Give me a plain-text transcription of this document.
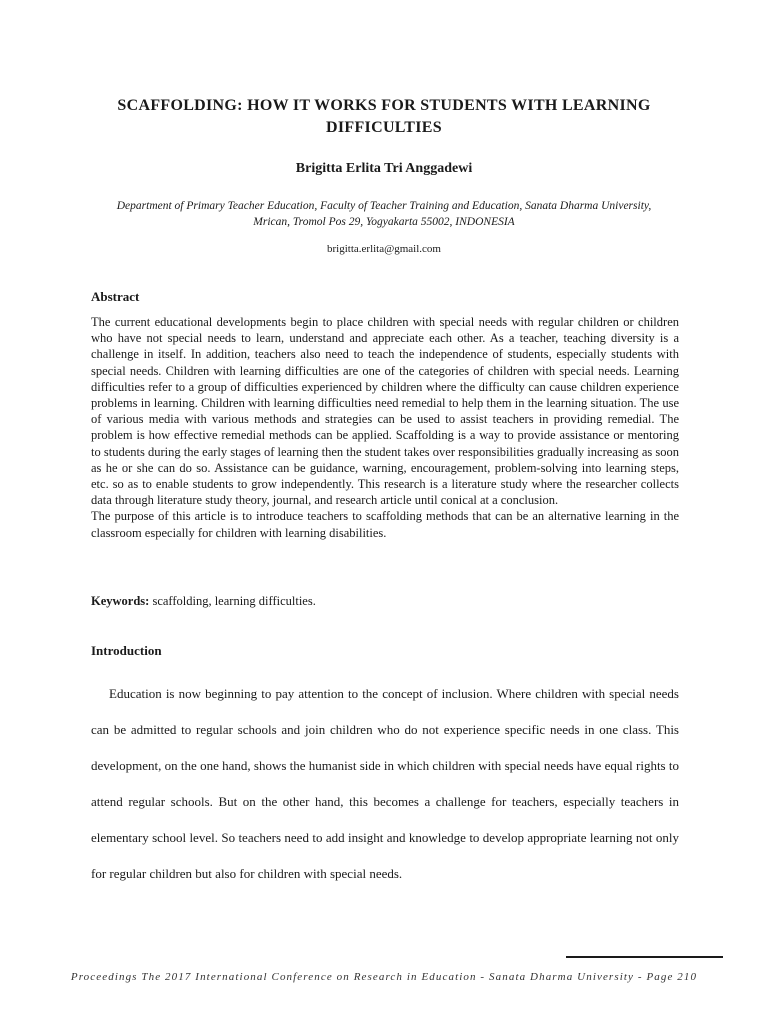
SCAFFOLDING: HOW IT WORKS FOR STUDENTS WITH LEARNING DIFFICULTIES
Brigitta Erlita Tri Anggadewi
Department of Primary Teacher Education, Faculty of Teacher Training and Education, Sanata Dharma University, Mrican, Tromol Pos 29, Yogyakarta 55002, INDONESIA
brigitta.erlita@gmail.com
Abstract

The current educational developments begin to place children with special needs with regular children or children who have not special needs to learn, understand and appreciate each other. As a teacher, teaching diversity is a challenge in itself. In addition, teachers also need to teach the independence of students, especially students with special needs. Children with learning difficulties are one of the categories of children with special needs. Learning difficulties refer to a group of difficulties experienced by children where the difficulty can cause children experience problems in learning. Children with learning difficulties need remedial to help them in the learning situation. The use of various media with various methods and strategies can be used to assist teachers in providing remedial. The problem is how effective remedial methods can be applied. Scaffolding is a way to provide assistance or mentoring to students during the early stages of learning then the student takes over responsibilities gradually increasing as soon as he or she can do so. Assistance can be guidance, warning, encouragement, problem-solving into learning steps, etc. so as to enable students to grow independently. This research is a literature study where the researcher collects data through literature study theory, journal, and research article until conical at a conclusion.

The purpose of this article is to introduce teachers to scaffolding methods that can be an alternative learning in the classroom especially for children with learning disabilities.

Keywords: scaffolding, learning difficulties.
Introduction

Education is now beginning to pay attention to the concept of inclusion. Where children with special needs can be admitted to regular schools and join children who do not experience specific needs in one class. This development, on the one hand, shows the humanist side in which children with special needs have equal rights to attend regular schools. But on the other hand, this becomes a challenge for teachers, especially teachers in elementary school level. So teachers need to add insight and knowledge to develop appropriate learning not only for regular children but also for children with special needs.

Proceedings The 2017 International Conference on Research in Education - Sanata Dharma University - Page 210
